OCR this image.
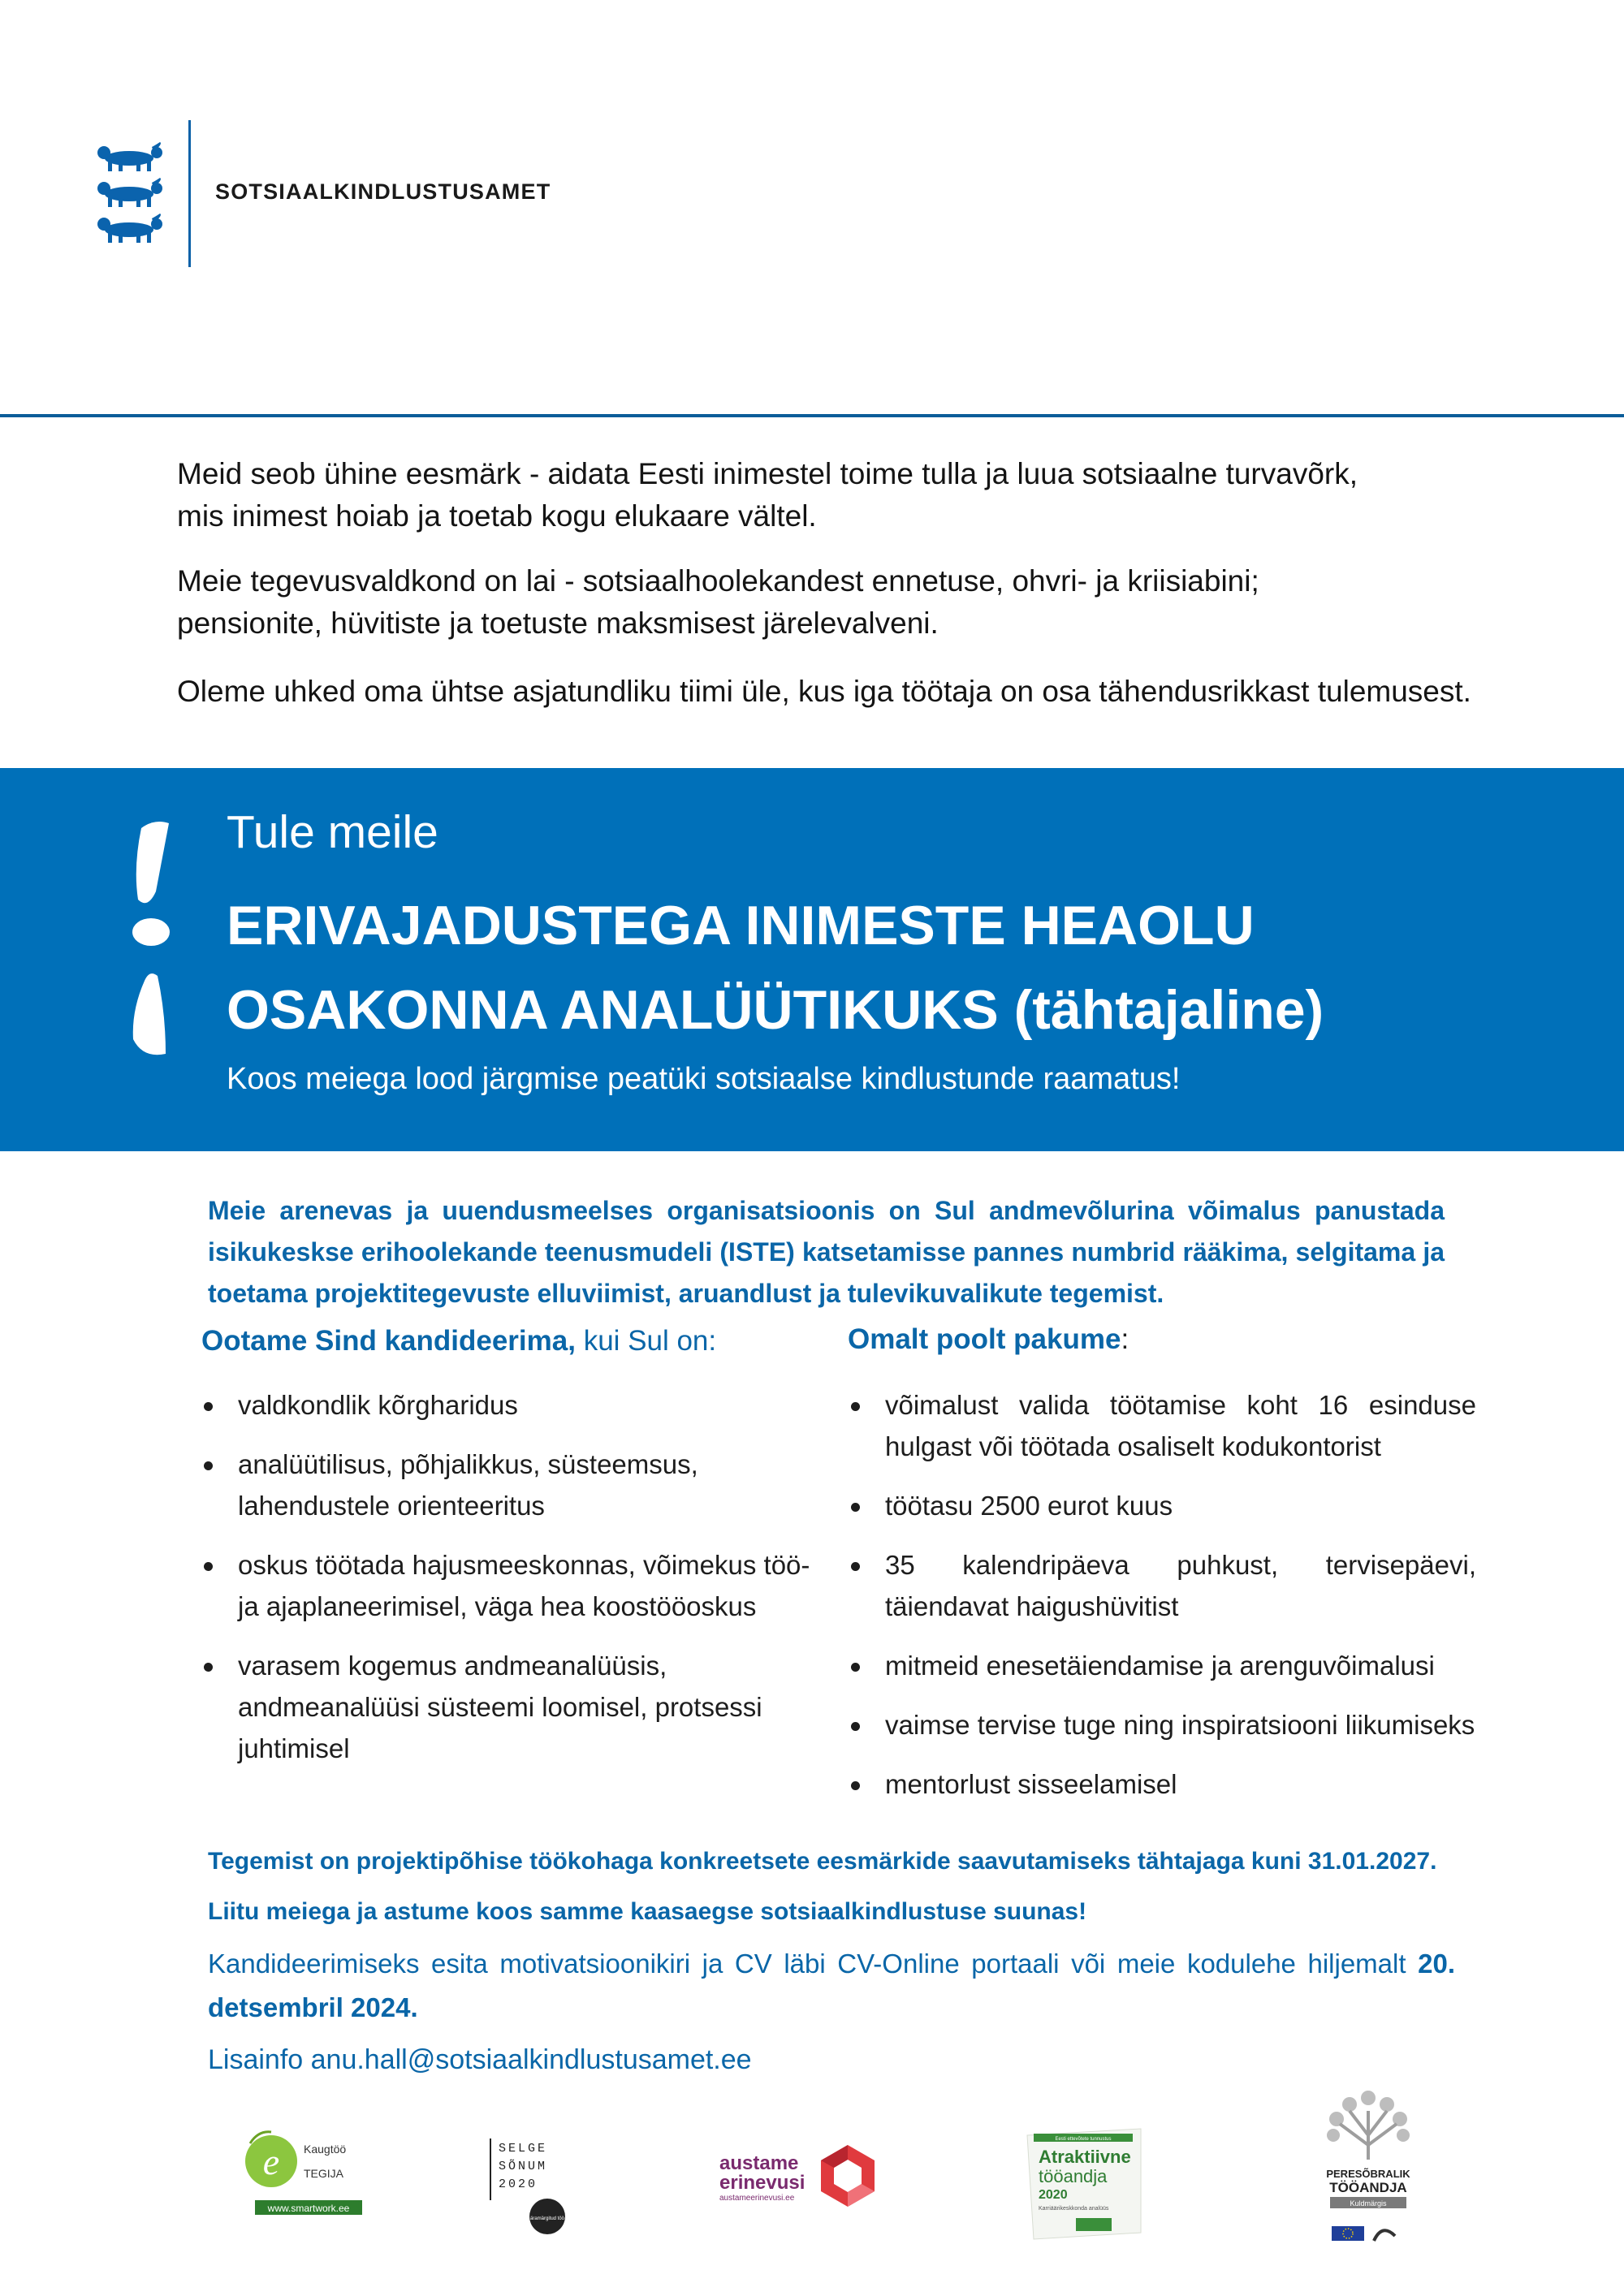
SOTSIAALKINDLUSTUSAMET

Meid seob ühine eesmärk - aidata Eesti inimestel toime tulla ja luua sotsiaalne turvavõrk,
mis inimest hoiab ja toetab kogu elukaare vältel.

Meie tegevusvaldkond on lai - sotsiaalhoolekandest ennetuse, ohvri- ja kriisiabini;
pensionite, hüvitiste ja toetuste maksmisest järelevalveni.

Oleme uhked oma ühtse asjatundliku tiimi üle, kus iga töötaja on osa tähendusrikkast tulemusest.

Tule meile

ERIVAJADUSTEGA INIMESTE HEAOLU
OSAKONNA ANALÜÜTIKUKS (tähtajaline)

Koos meiega lood järgmise peatüki sotsiaalse kindlustunde raamatus!

Meie arenevas ja uuendusmeelses organisatsioonis on Sul andmevõlurina võimalus panustada isikukeskse erihoolekande teenusmudeli (ISTE) katsetamisse pannes numbrid rääkima, selgitama ja toetama projektitegevuste elluviimist, aruandlust ja tulevikuvalikute tegemist.

Ootame Sind kandideerima, kui Sul on:
valdkondlik kõrgharidus
analüütilisus, põhjalikkus, süsteemsus, lahendustele orienteeritus
oskus töötada hajusmeeskonnas, võimekus töö- ja ajaplaneerimisel, väga hea koostööoskus
varasem kogemus andmeanalüüsis, andmeanalüüsi süsteemi loomisel, protsessi juhtimisel
Omalt poolt pakume:
võimalust valida töötamise koht 16 esinduse hulgast või töötada osaliselt kodukontorist
töötasu 2500 eurot kuus
35 kalendripäeva puhkust, tervisepäevi, täiendavat haigushüvitist
mitmeid enesetäiendamise ja arenguvõimalusi
vaimse tervise tuge ning inspiratsiooni liikumiseks
mentorlust sisseelamisel
Tegemist on projektipõhise töökohaga konkreetsete eesmärkide saavutamiseks tähtajaga kuni 31.01.2027.
Liitu meiega ja astume koos samme kaasaegse sotsiaalkindlustuse suunas!

Kandideerimiseks esita motivatsioonikiri ja CV läbi CV-Online portaali või meie kodulehe hiljemalt 20. detsembril 2024.

Lisainfo anu.hall@sotsiaalkindlustusamet.ee
e Kaugtöö
TEGIJA
www.smartwork.ee
SELGE
SÕNUM
2020
äramärgitud töö
austame
erinevusi
austameerinevusi.ee
Eesti ettevõtete tunnustus
Atraktiivne
tööandja
2020
Karriäärikeskkonda analüüs
PERESÕBRALIK
TÖÖANDJA
Kuldmärgis
